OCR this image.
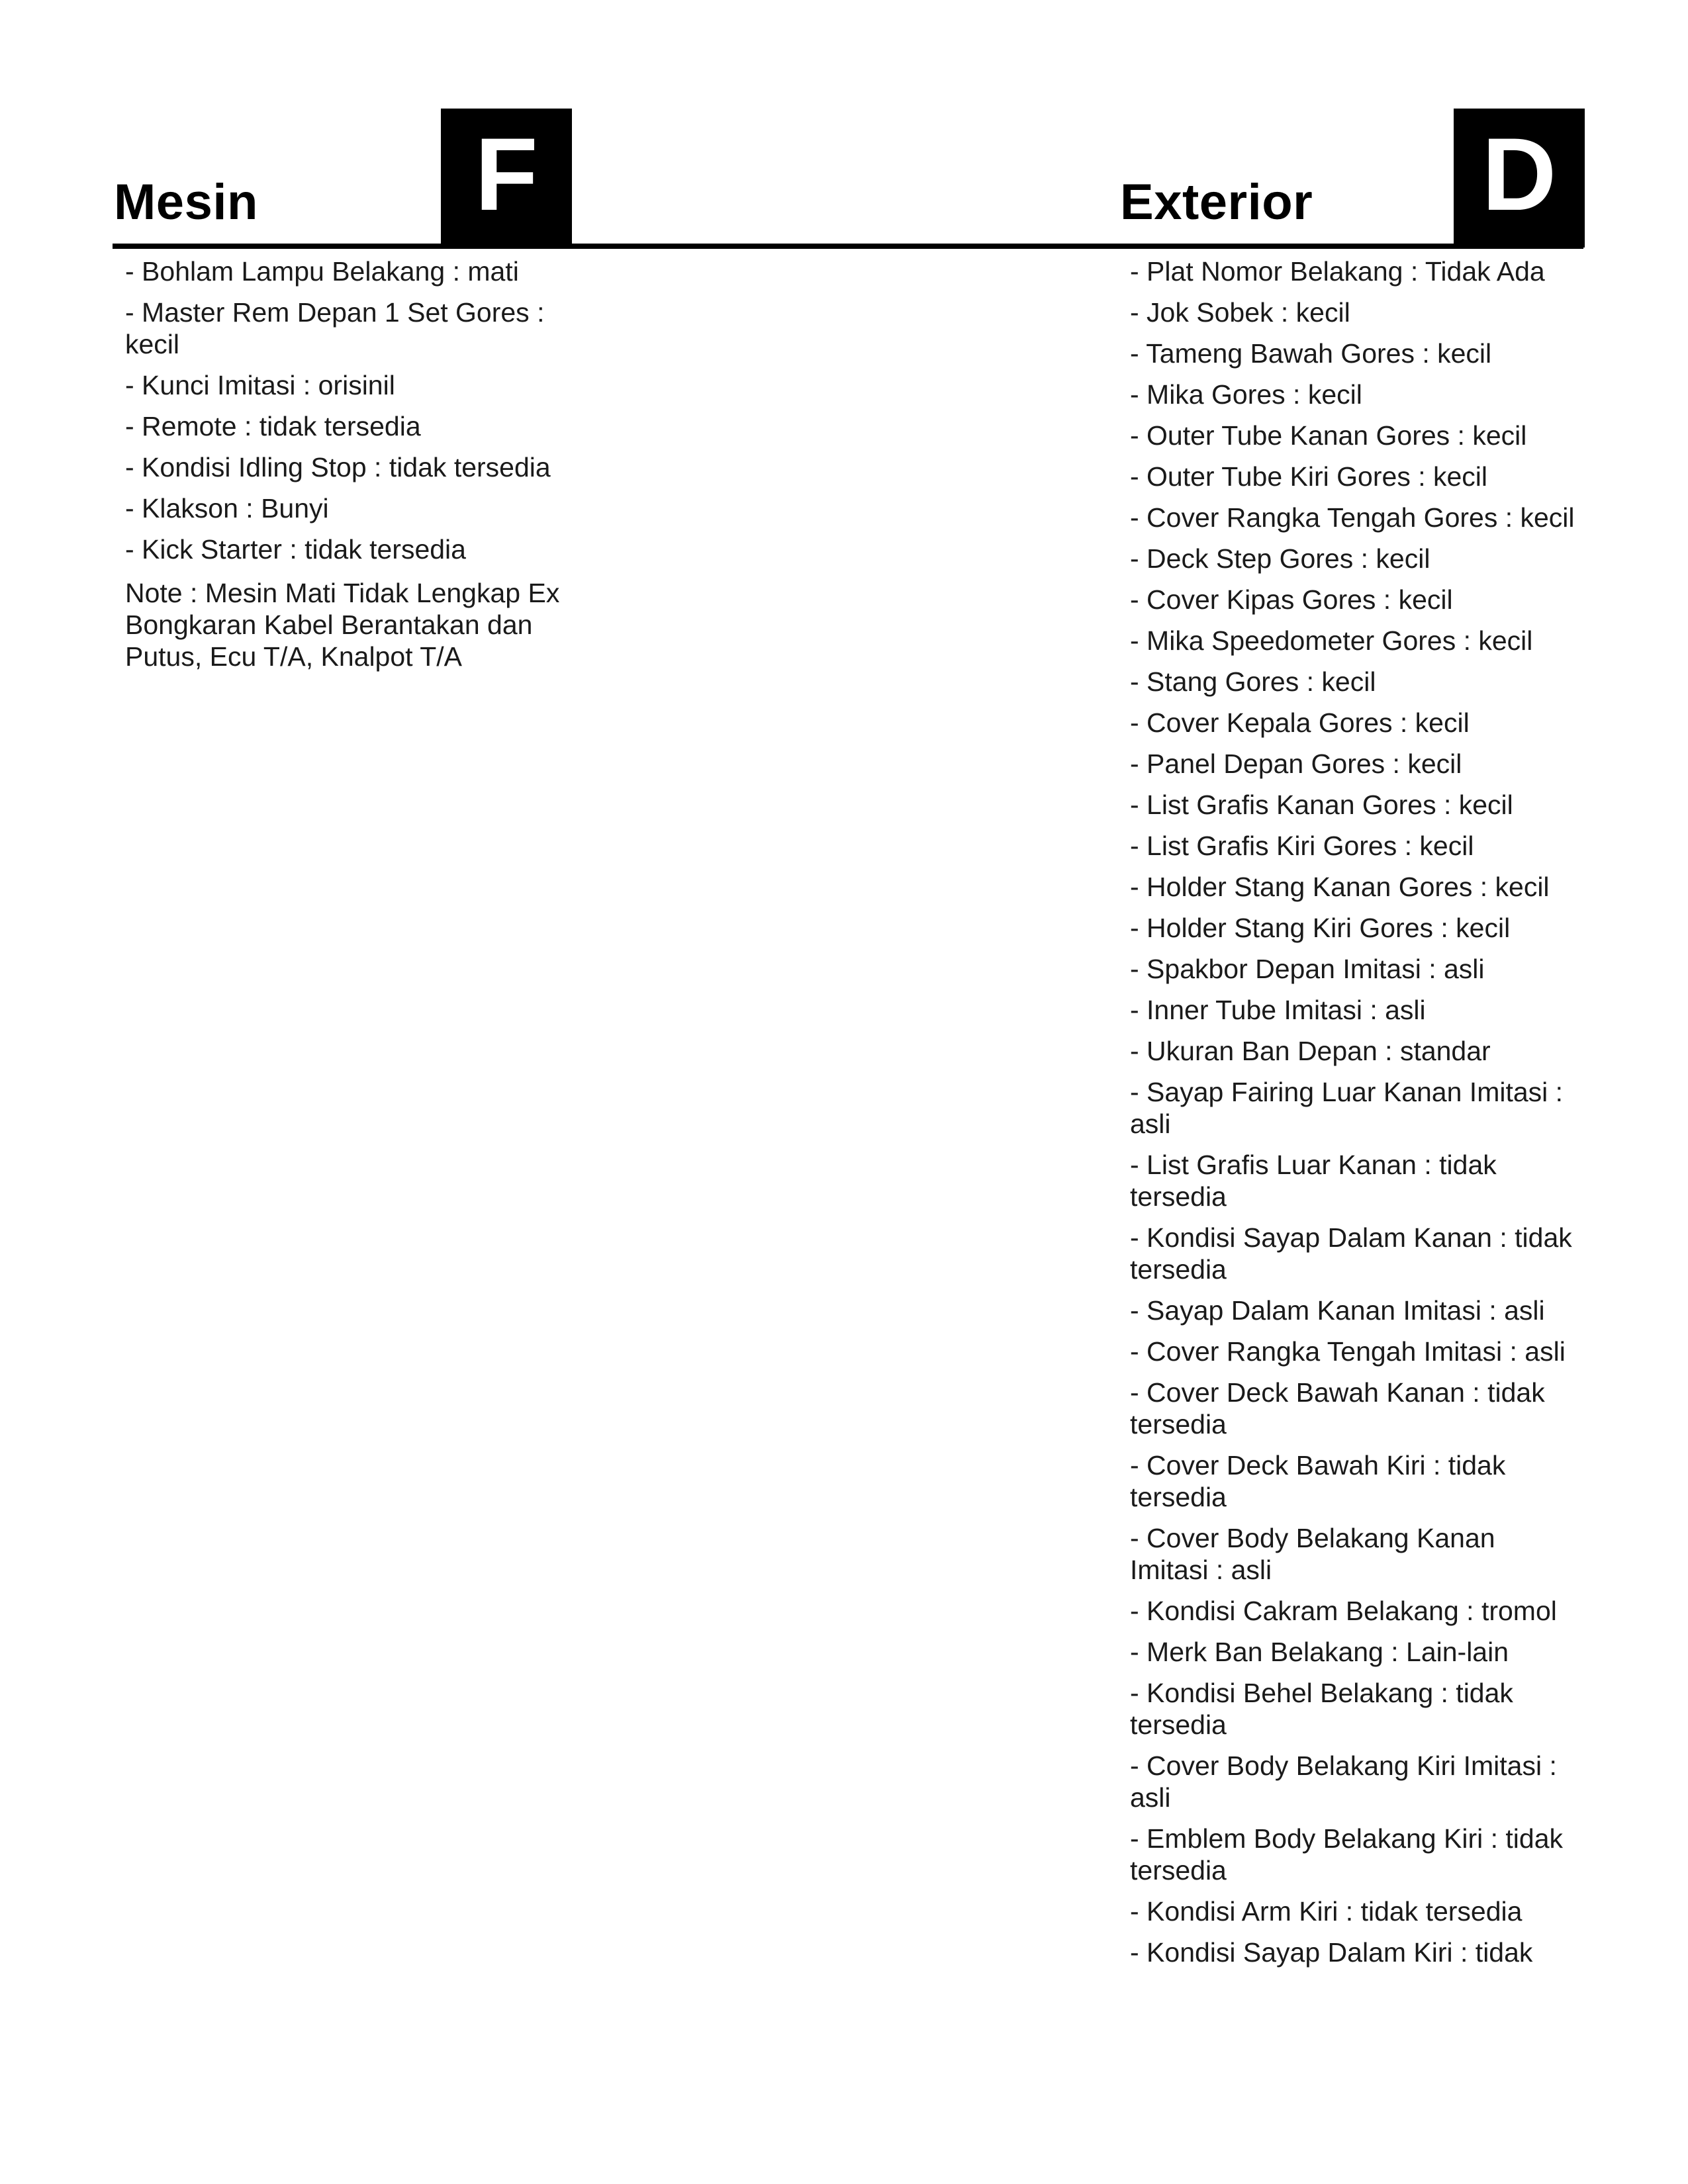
Mesin	F	Exterior D
- Bohlam Lampu Belakang : mati
- Master Rem Depan 1 Set Gores : kecil
- Kunci Imitasi : orisinil
- Remote : tidak tersedia
- Kondisi Idling Stop : tidak tersedia
- Klakson : Bunyi
- Kick Starter : tidak tersedia
Note : Mesin Mati Tidak Lengkap Ex Bongkaran Kabel Berantakan dan Putus, Ecu T/A, Knalpot T/A
- Plat Nomor Belakang : Tidak Ada
- Jok Sobek : kecil
- Tameng Bawah Gores : kecil
- Mika Gores : kecil
- Outer Tube Kanan Gores : kecil
- Outer Tube Kiri Gores : kecil
- Cover Rangka Tengah Gores : kecil
- Deck Step Gores : kecil
- Cover Kipas Gores : kecil
- Mika Speedometer Gores : kecil
- Stang Gores : kecil
- Cover Kepala Gores : kecil
- Panel Depan Gores : kecil
- List Grafis Kanan Gores : kecil
- List Grafis Kiri Gores : kecil
- Holder Stang Kanan Gores : kecil
- Holder Stang Kiri Gores : kecil
- Spakbor Depan Imitasi : asli
- Inner Tube Imitasi : asli
- Ukuran Ban Depan : standar
- Sayap Fairing Luar Kanan Imitasi : asli
- List Grafis Luar Kanan : tidak tersedia
- Kondisi Sayap Dalam Kanan : tidak tersedia
- Sayap Dalam Kanan Imitasi : asli
- Cover Rangka Tengah Imitasi : asli
- Cover Deck Bawah Kanan : tidak tersedia
- Cover Deck Bawah Kiri : tidak tersedia
- Cover Body Belakang Kanan Imitasi : asli
- Kondisi Cakram Belakang : tromol
- Merk Ban Belakang : Lain-lain
- Kondisi Behel Belakang : tidak tersedia
- Cover Body Belakang Kiri Imitasi : asli
- Emblem Body Belakang Kiri : tidak tersedia
- Kondisi Arm Kiri : tidak tersedia
- Kondisi Sayap Dalam Kiri : tidak
